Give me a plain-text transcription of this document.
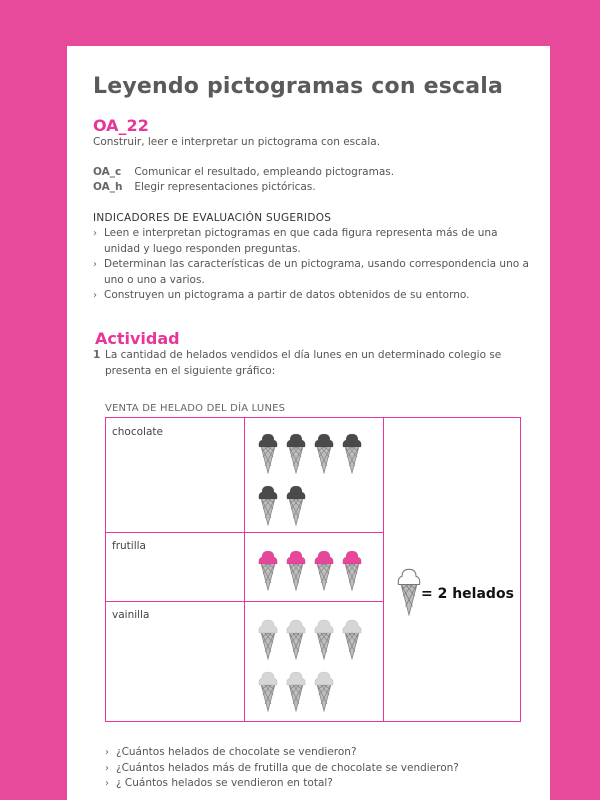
Leyendo pictogramas con escala
OA_22
Construir, leer e interpretar un pictograma con escala.
OA_c Comunicar el resultado, empleando pictogramas.
OA_h Elegir representaciones pictóricas.
INDICADORES DE EVALUACIÓN SUGERIDOS
› Leen e interpretan pictogramas en que cada figura representa más de una unidad y luego responden preguntas.
› Determinan las características de un pictograma, usando correspondencia uno a uno o uno a varios.
› Construyen un pictograma a partir de datos obtenidos de su entorno.
Actividad
1 La cantidad de helados vendidos el día lunes en un determinado colegio se presenta en el siguiente gráfico:
VENTA DE HELADO DEL DÍA LUNES
chocolate
frutilla
vainilla
= 2 helados
› ¿Cuántos helados de chocolate se vendieron?
› ¿Cuántos helados más de frutilla que de chocolate se vendieron?
› ¿ Cuántos helados se vendieron en total?
